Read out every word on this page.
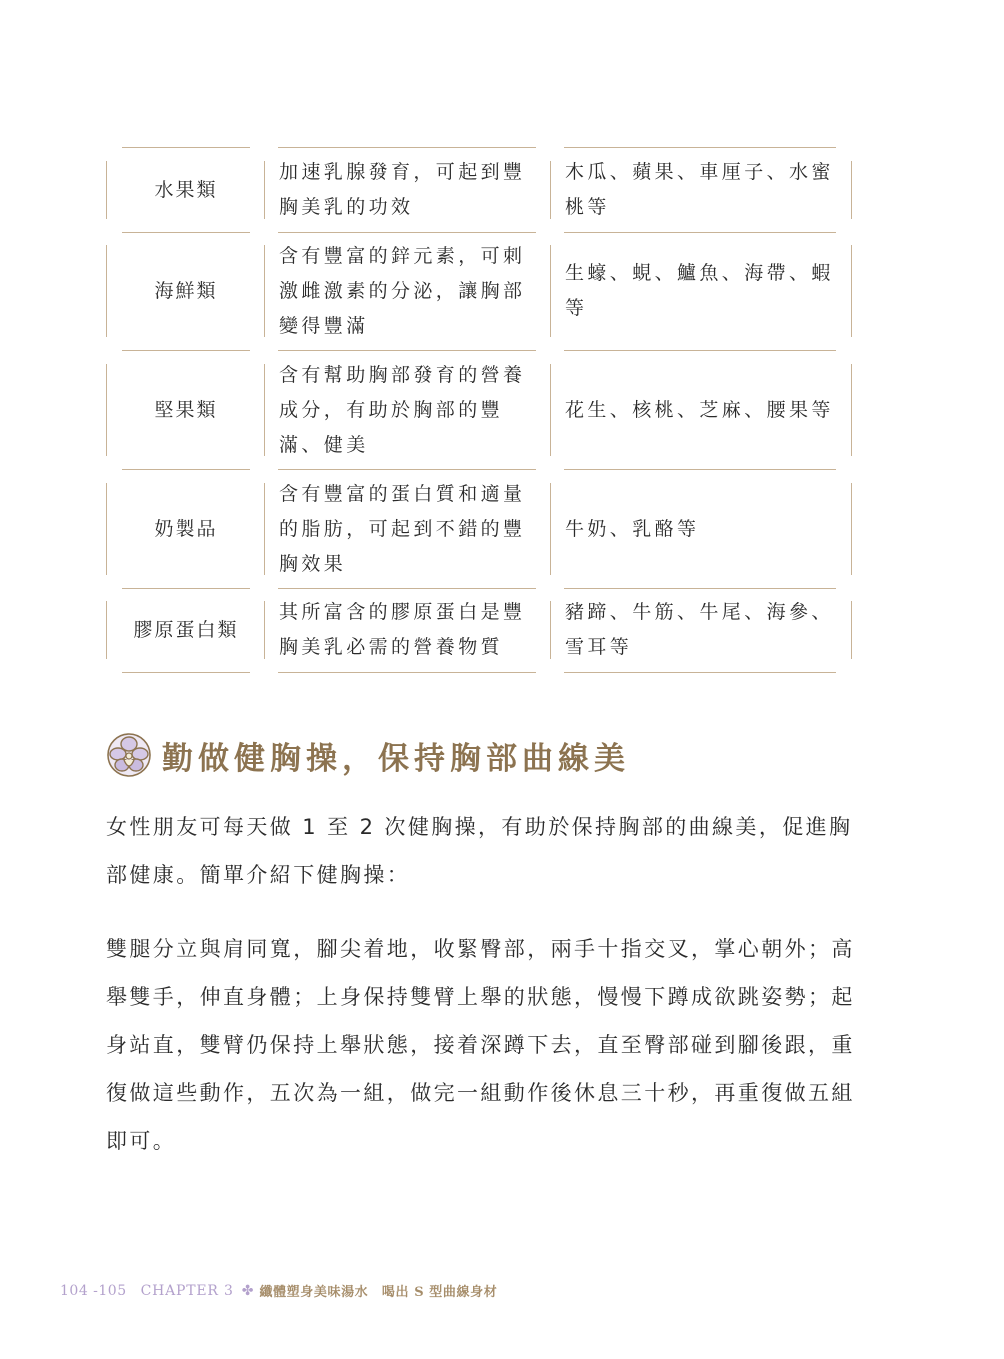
水果類
加速乳腺發育，可起到豐胸美乳的功效
木瓜、蘋果、車厘子、水蜜桃等
海鮮類
含有豐富的鋅元素，可刺激雌激素的分泌，讓胸部變得豐滿
生蠔、蜆、鱸魚、海帶、蝦等
堅果類
含有幫助胸部發育的營養成分，有助於胸部的豐滿、健美
花生、核桃、芝麻、腰果等
奶製品
含有豐富的蛋白質和適量的脂肪，可起到不錯的豐胸效果
牛奶、乳酪等
膠原蛋白類
其所富含的膠原蛋白是豐胸美乳必需的營養物質
豬蹄、牛筋、牛尾、海參、雪耳等
勤做健胸操，保持胸部曲線美

女性朋友可每天做 1 至 2 次健胸操，有助於保持胸部的曲線美，促進胸部健康。簡單介紹下健胸操：

雙腿分立與肩同寬，腳尖着地，收緊臀部，兩手十指交叉，掌心朝外；高舉雙手，伸直身體；上身保持雙臂上舉的狀態，慢慢下蹲成欲跳姿勢；起身站直，雙臂仍保持上舉狀態，接着深蹲下去，直至臀部碰到腳後跟，重復做這些動作，五次為一組，做完一組動作後休息三十秒，再重復做五組即可。

104 -105 CHAPTER 3 ✤ 纖體塑身美味湯水　喝出 S 型曲線身材
